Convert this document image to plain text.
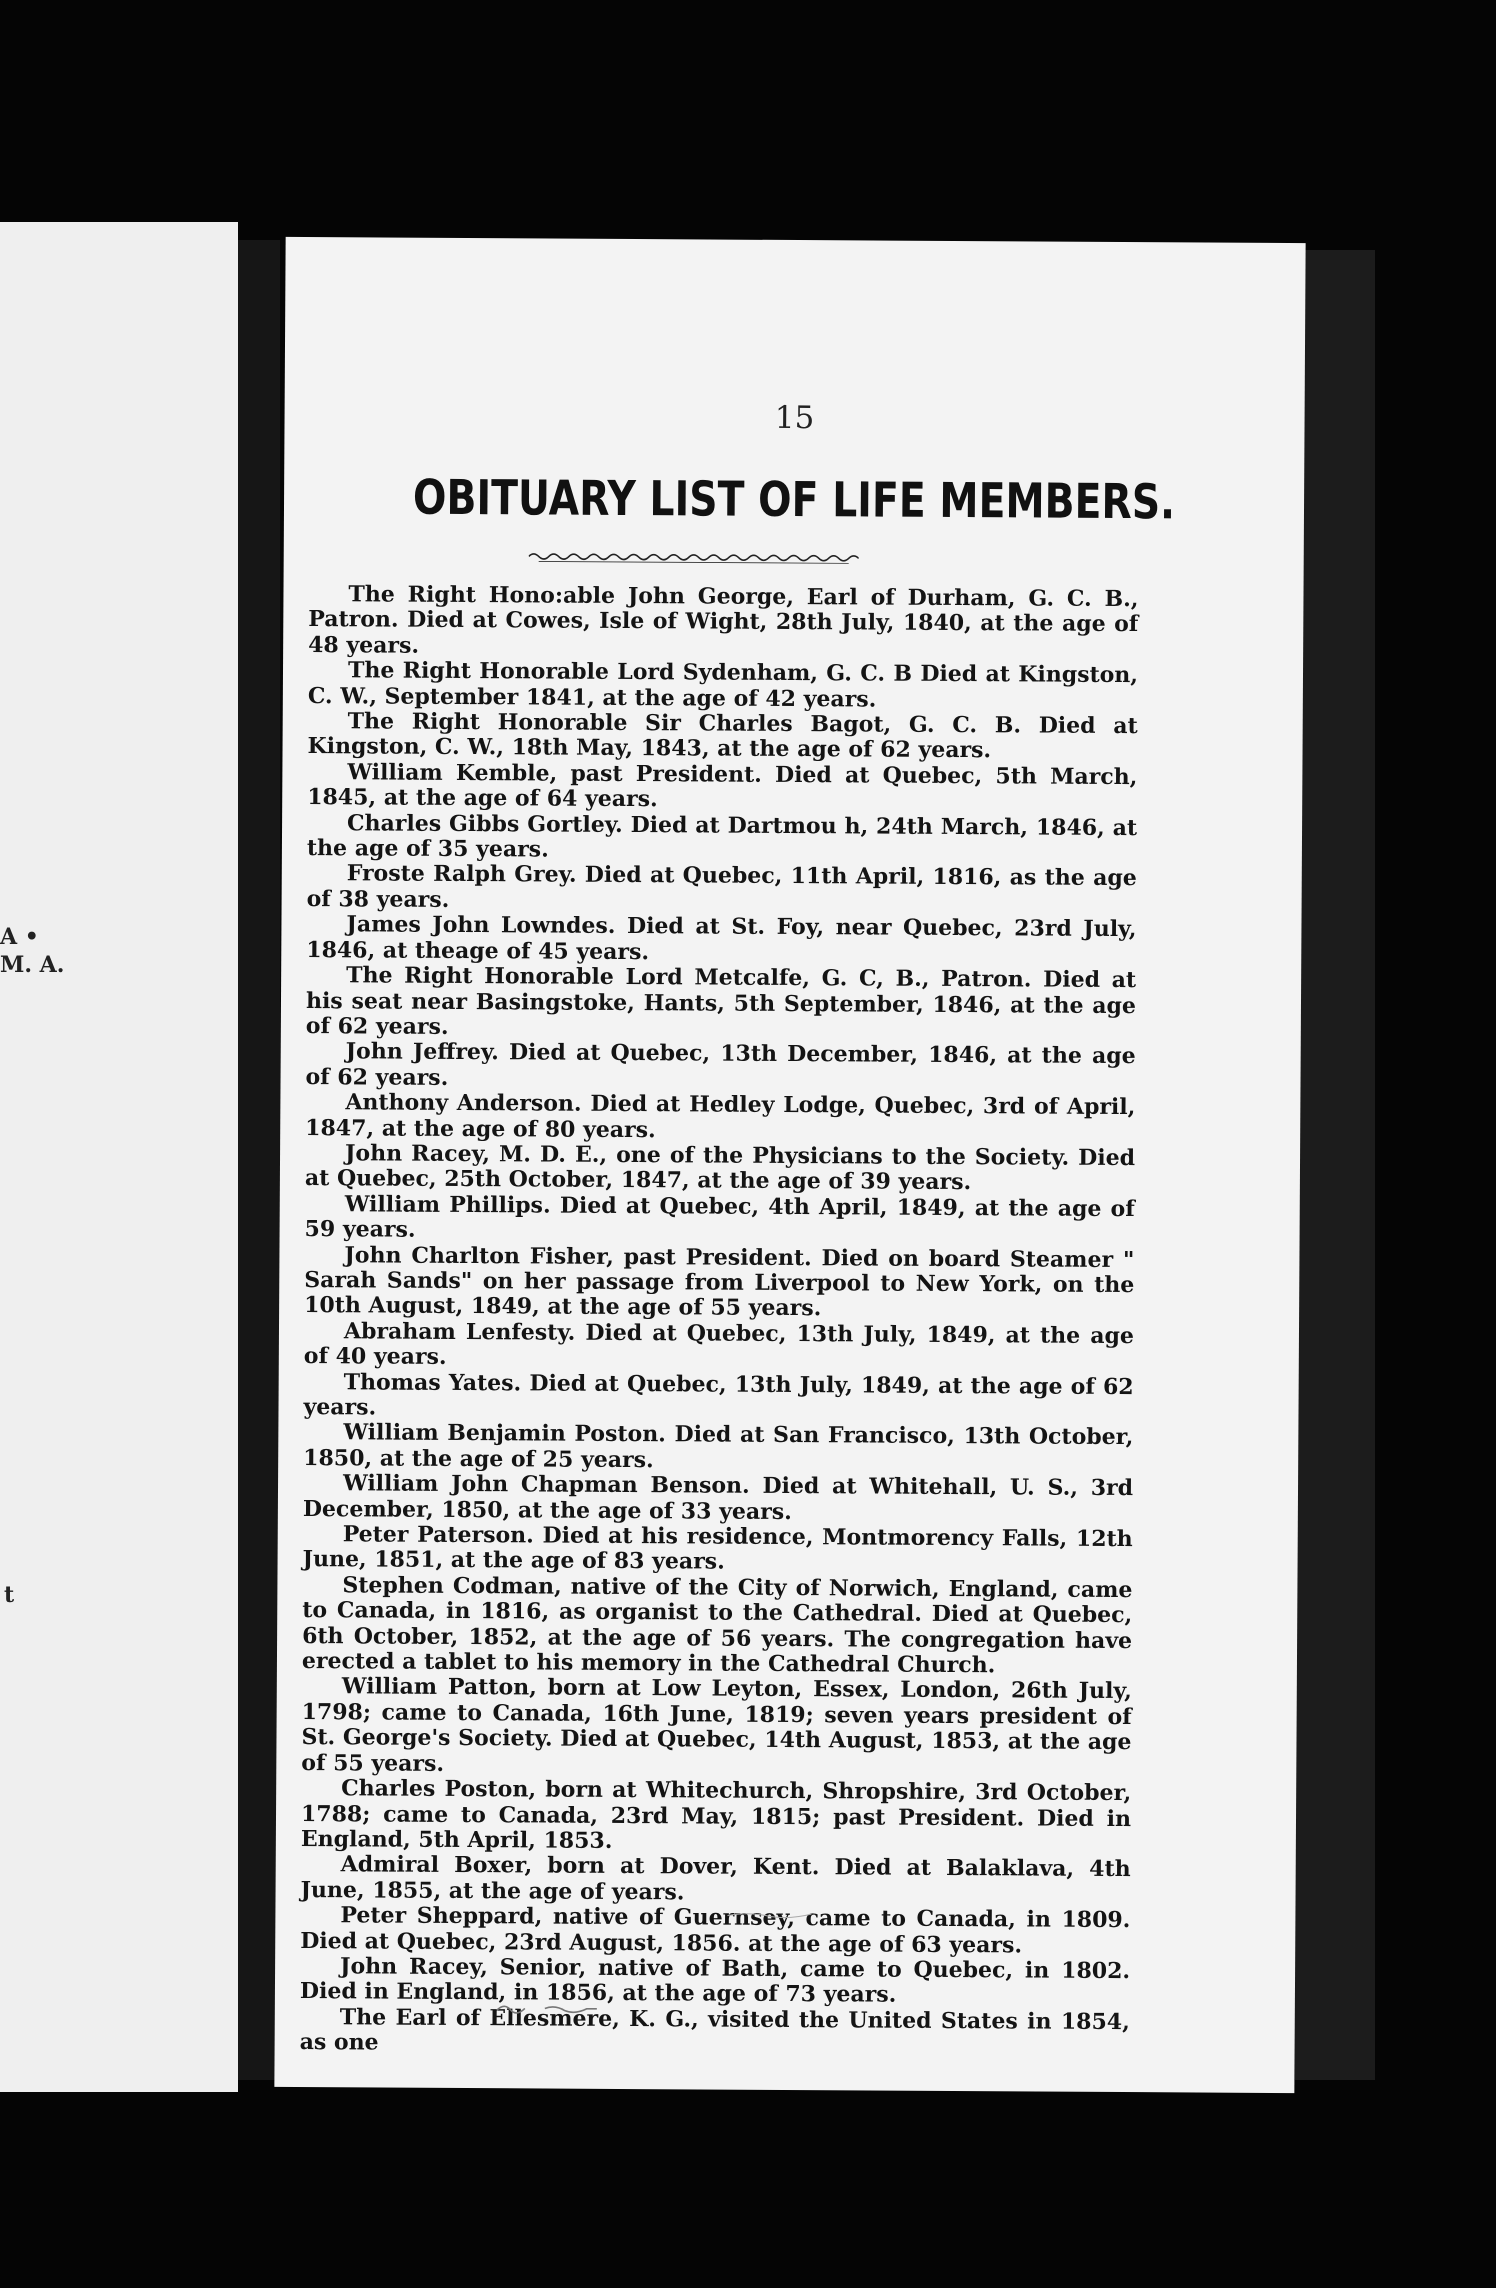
A •
M. A.
t
15
OBITUARY LIST OF LIFE MEMBERS.

The Right Hono:able John George, Earl of Durham, G. C. B., Patron. Died at Cowes, Isle of Wight, 28th July, 1840, at the age of 48 years.

The Right Honorable Lord Sydenham, G. C. B Died at Kingston, C. W., September 1841, at the age of 42 years.

The Right Honorable Sir Charles Bagot, G. C. B. Died at Kingston, C. W., 18th May, 1843, at the age of 62 years.

William Kemble, past President. Died at Quebec, 5th March, 1845, at the age of 64 years.

Charles Gibbs Gortley. Died at Dartmou h, 24th March, 1846, at the age of 35 years.

Froste Ralph Grey. Died at Quebec, 11th April, 1816, as the age of 38 years.

James John Lowndes. Died at St. Foy, near Quebec, 23rd July, 1846, at theage of 45 years.

The Right Honorable Lord Metcalfe, G. C, B., Patron. Died at his seat near Basingstoke, Hants, 5th September, 1846, at the age of 62 years.

John Jeffrey. Died at Quebec, 13th December, 1846, at the age of 62 years.

Anthony Anderson. Died at Hedley Lodge, Quebec, 3rd of April, 1847, at the age of 80 years.

John Racey, M. D. E., one of the Physicians to the Society. Died at Quebec, 25th October, 1847, at the age of 39 years.

William Phillips. Died at Quebec, 4th April, 1849, at the age of 59 years.

John Charlton Fisher, past President. Died on board Steamer " Sarah Sands" on her passage from Liverpool to New York, on the 10th August, 1849, at the age of 55 years.

Abraham Lenfesty. Died at Quebec, 13th July, 1849, at the age of 40 years.

Thomas Yates. Died at Quebec, 13th July, 1849, at the age of 62 years.

William Benjamin Poston. Died at San Francisco, 13th October, 1850, at the age of 25 years.

William John Chapman Benson. Died at Whitehall, U. S., 3rd December, 1850, at the age of 33 years.

Peter Paterson. Died at his residence, Montmorency Falls, 12th June, 1851, at the age of 83 years.

Stephen Codman, native of the City of Norwich, England, came to Canada, in 1816, as organist to the Cathedral. Died at Quebec, 6th October, 1852, at the age of 56 years. The congregation have erected a tablet to his memory in the Cathedral Church.

William Patton, born at Low Leyton, Essex, London, 26th July, 1798; came to Canada, 16th June, 1819; seven years president of St. George's Society. Died at Quebec, 14th August, 1853, at the age of 55 years.

Charles Poston, born at Whitechurch, Shropshire, 3rd October, 1788; came to Canada, 23rd May, 1815; past President. Died in England, 5th April, 1853.

Admiral Boxer, born at Dover, Kent. Died at Balaklava, 4th June, 1855, at the age of years.

Peter Sheppard, native of Guernsey, came to Canada, in 1809. Died at Quebec, 23rd August, 1856. at the age of 63 years.

John Racey, Senior, native of Bath, came to Quebec, in 1802. Died in England, in 1856, at the age of 73 years.

The Earl of Ellesmere, K. G., visited the United States in 1854, as one
